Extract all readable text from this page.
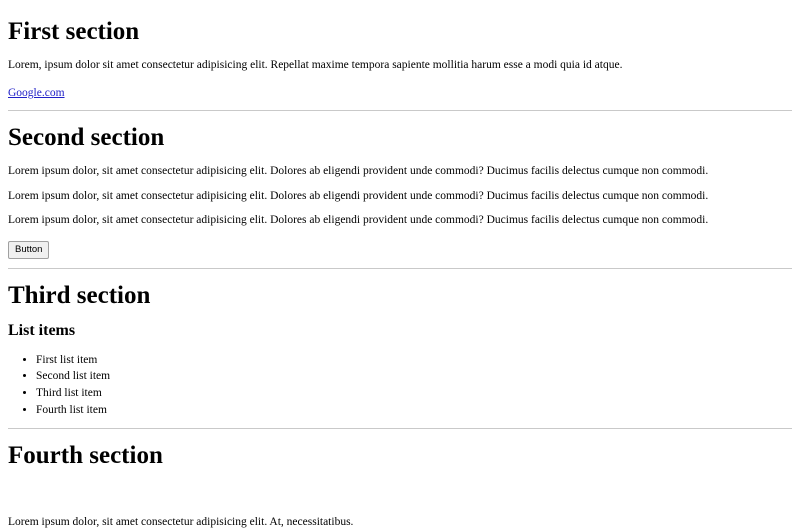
First section

Lorem, ipsum dolor sit amet consectetur adipisicing elit. Repellat maxime tempora sapiente mollitia harum esse a modi quia id atque.

Google.com
Second section

Lorem ipsum dolor, sit amet consectetur adipisicing elit. Dolores ab eligendi provident unde commodi? Ducimus facilis delectus cumque non commodi.

Lorem ipsum dolor, sit amet consectetur adipisicing elit. Dolores ab eligendi provident unde commodi? Ducimus facilis delectus cumque non commodi.

Lorem ipsum dolor, sit amet consectetur adipisicing elit. Dolores ab eligendi provident unde commodi? Ducimus facilis delectus cumque non commodi.

Button
Third section
List items
• First list item
• Second list item
• Third list item
• Fourth list item
Fourth section

Lorem ipsum dolor, sit amet consectetur adipisicing elit. At, necessitatibus.
